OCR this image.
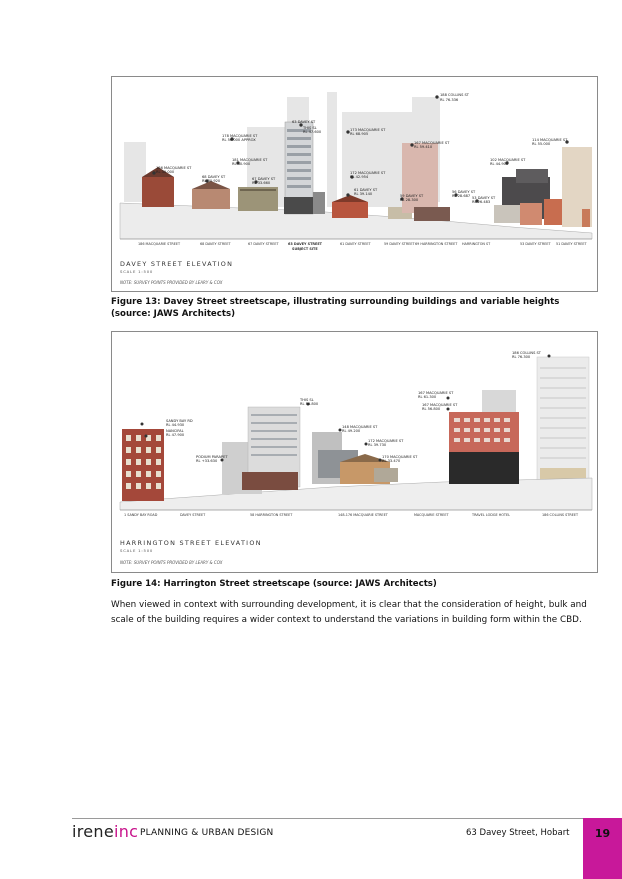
188 COLLINS ST
RL 76.336
63 DAVEY ST
THIS SL
RL 47.600	173 MACQUARIE ST
RL 68.905
178 MACQUARIE ST
RL 56.000 APPROX
167 MACQUARIE ST
RL 59.410
114 MACQUARIE ST
RL 55.000
186 MACQUARIE ST
RL 30.000
68 DAVEY ST
RL 30.920
181 MACQUARIE ST
RL 40.900
61 DAVEY ST
RL 39.140
172 MACQUARIE ST
RL 42.954
67 DAVEY ST
RL 33.660
59 DAVEY ST
RL 28.300
102 MACQUARIE ST
RL 44.900
56 DAVEY ST
RL 28.687 53 DAVEY ST
RL 26.483
186 MACQUARIE STREET	68 DAVEY STREET	67 DAVEY STREET	63 DAVEY STREET
SUBJECT SITE
61 DAVEY STREET	59 DAVEY STREET 69 HARRINGTON STREET HARRINGTON ST	53 DAVEY STREET 51 DAVEY STREET
DAVEY STREET ELEVATION
SCALE 1:500
NOTE: SURVEY POINTS PROVIDED BY LEARY & COX
Figure 13: Davey Street streetscape, illustrating surrounding buildings and variable heights (source: JAWS Architects)
186 COLLINS ST
RL 76.300
SANDY BAY RD
RL 44.930
THIS SL
RL 56.800
167 MACQUARIE ST
RL 61.300
167 MACQUARIE ST
RL 56.800
148 MACQUARIE ST
RL 49.200
NANCIFAL
RL 47.900
172 MACQUARIE ST
RL 39.730
170 MACQUARIE ST
RL 33.470
PODIUM PARAPET
RL +33.630
1 SANDY BAY ROAD	DAVEY STREET	58 HARRINGTON STREET	148-176 MACQUARIE STREET	MACQUARIE STREET	TRAVEL LODGE HOTEL	186 COLLINS STREET
HARRINGTON STREET ELEVATION
SCALE 1:500
NOTE: SURVEY POINTS PROVIDED BY LEARY & COX
Figure 14: Harrington Street streetscape (source: JAWS Architects)
When viewed in context with surrounding development, it is clear that the consideration of height, bulk and scale of the building requires a wider context to understand the variations in building form within the CBD.
ireneinc PLANNING & URBAN DESIGN	63 Davey Street, Hobart	19
